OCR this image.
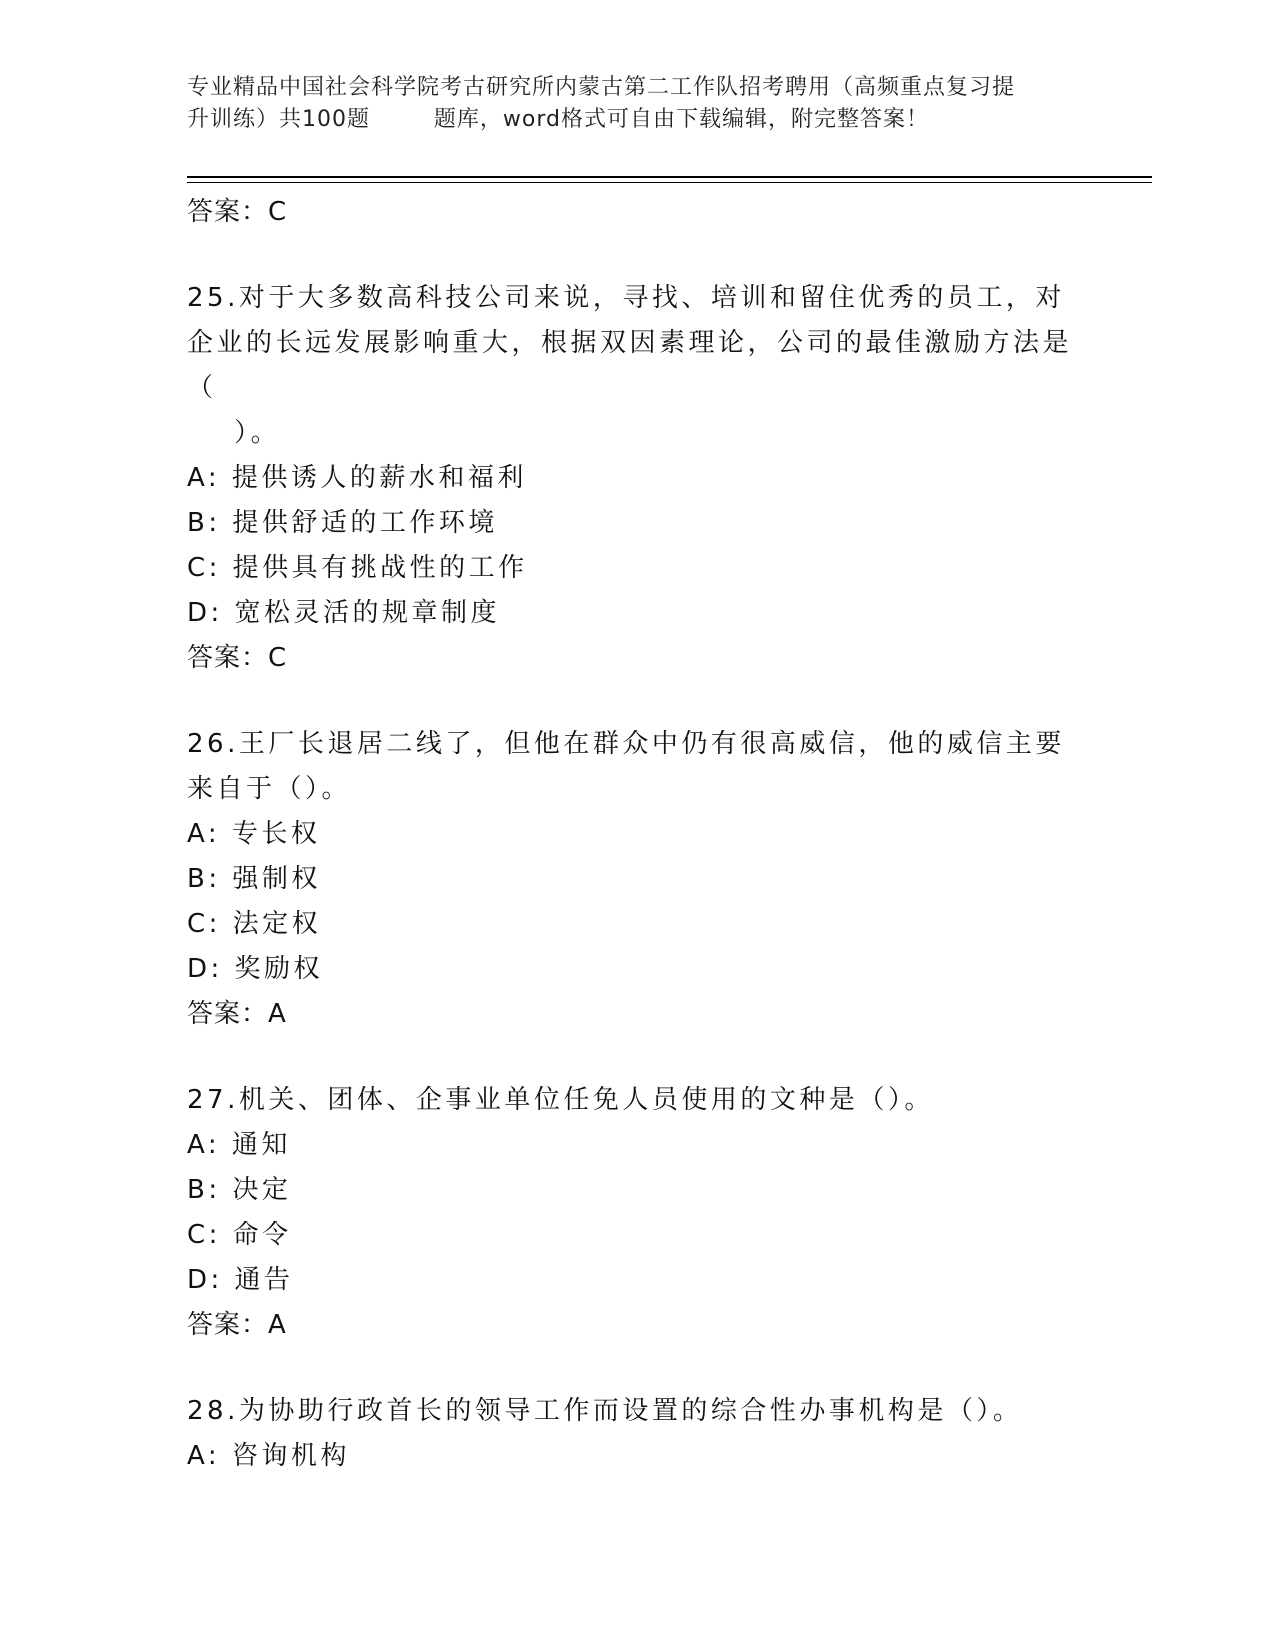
专业精品中国社会科学院考古研究所内蒙古第二工作队招考聘用（高频重点复习提
升训练）共100题        题库，word格式可自由下载编辑，附完整答案！
答案：C
25.对于大多数高科技公司来说，寻找、培训和留住优秀的员工，对企业的长远发展影响重大，根据双因素理论，公司的最佳激励方法是（
）。
A: 提供诱人的薪水和福利
B: 提供舒适的工作环境
C: 提供具有挑战性的工作
D: 宽松灵活的规章制度
答案：C
26.王厂长退居二线了，但他在群众中仍有很高威信，他的威信主要来自于（）。
A: 专长权
B: 强制权
C: 法定权
D: 奖励权
答案：A
27.机关、团体、企事业单位任免人员使用的文种是（）。
A: 通知
B: 决定
C: 命令
D: 通告
答案：A
28.为协助行政首长的领导工作而设置的综合性办事机构是（）。
A: 咨询机构
